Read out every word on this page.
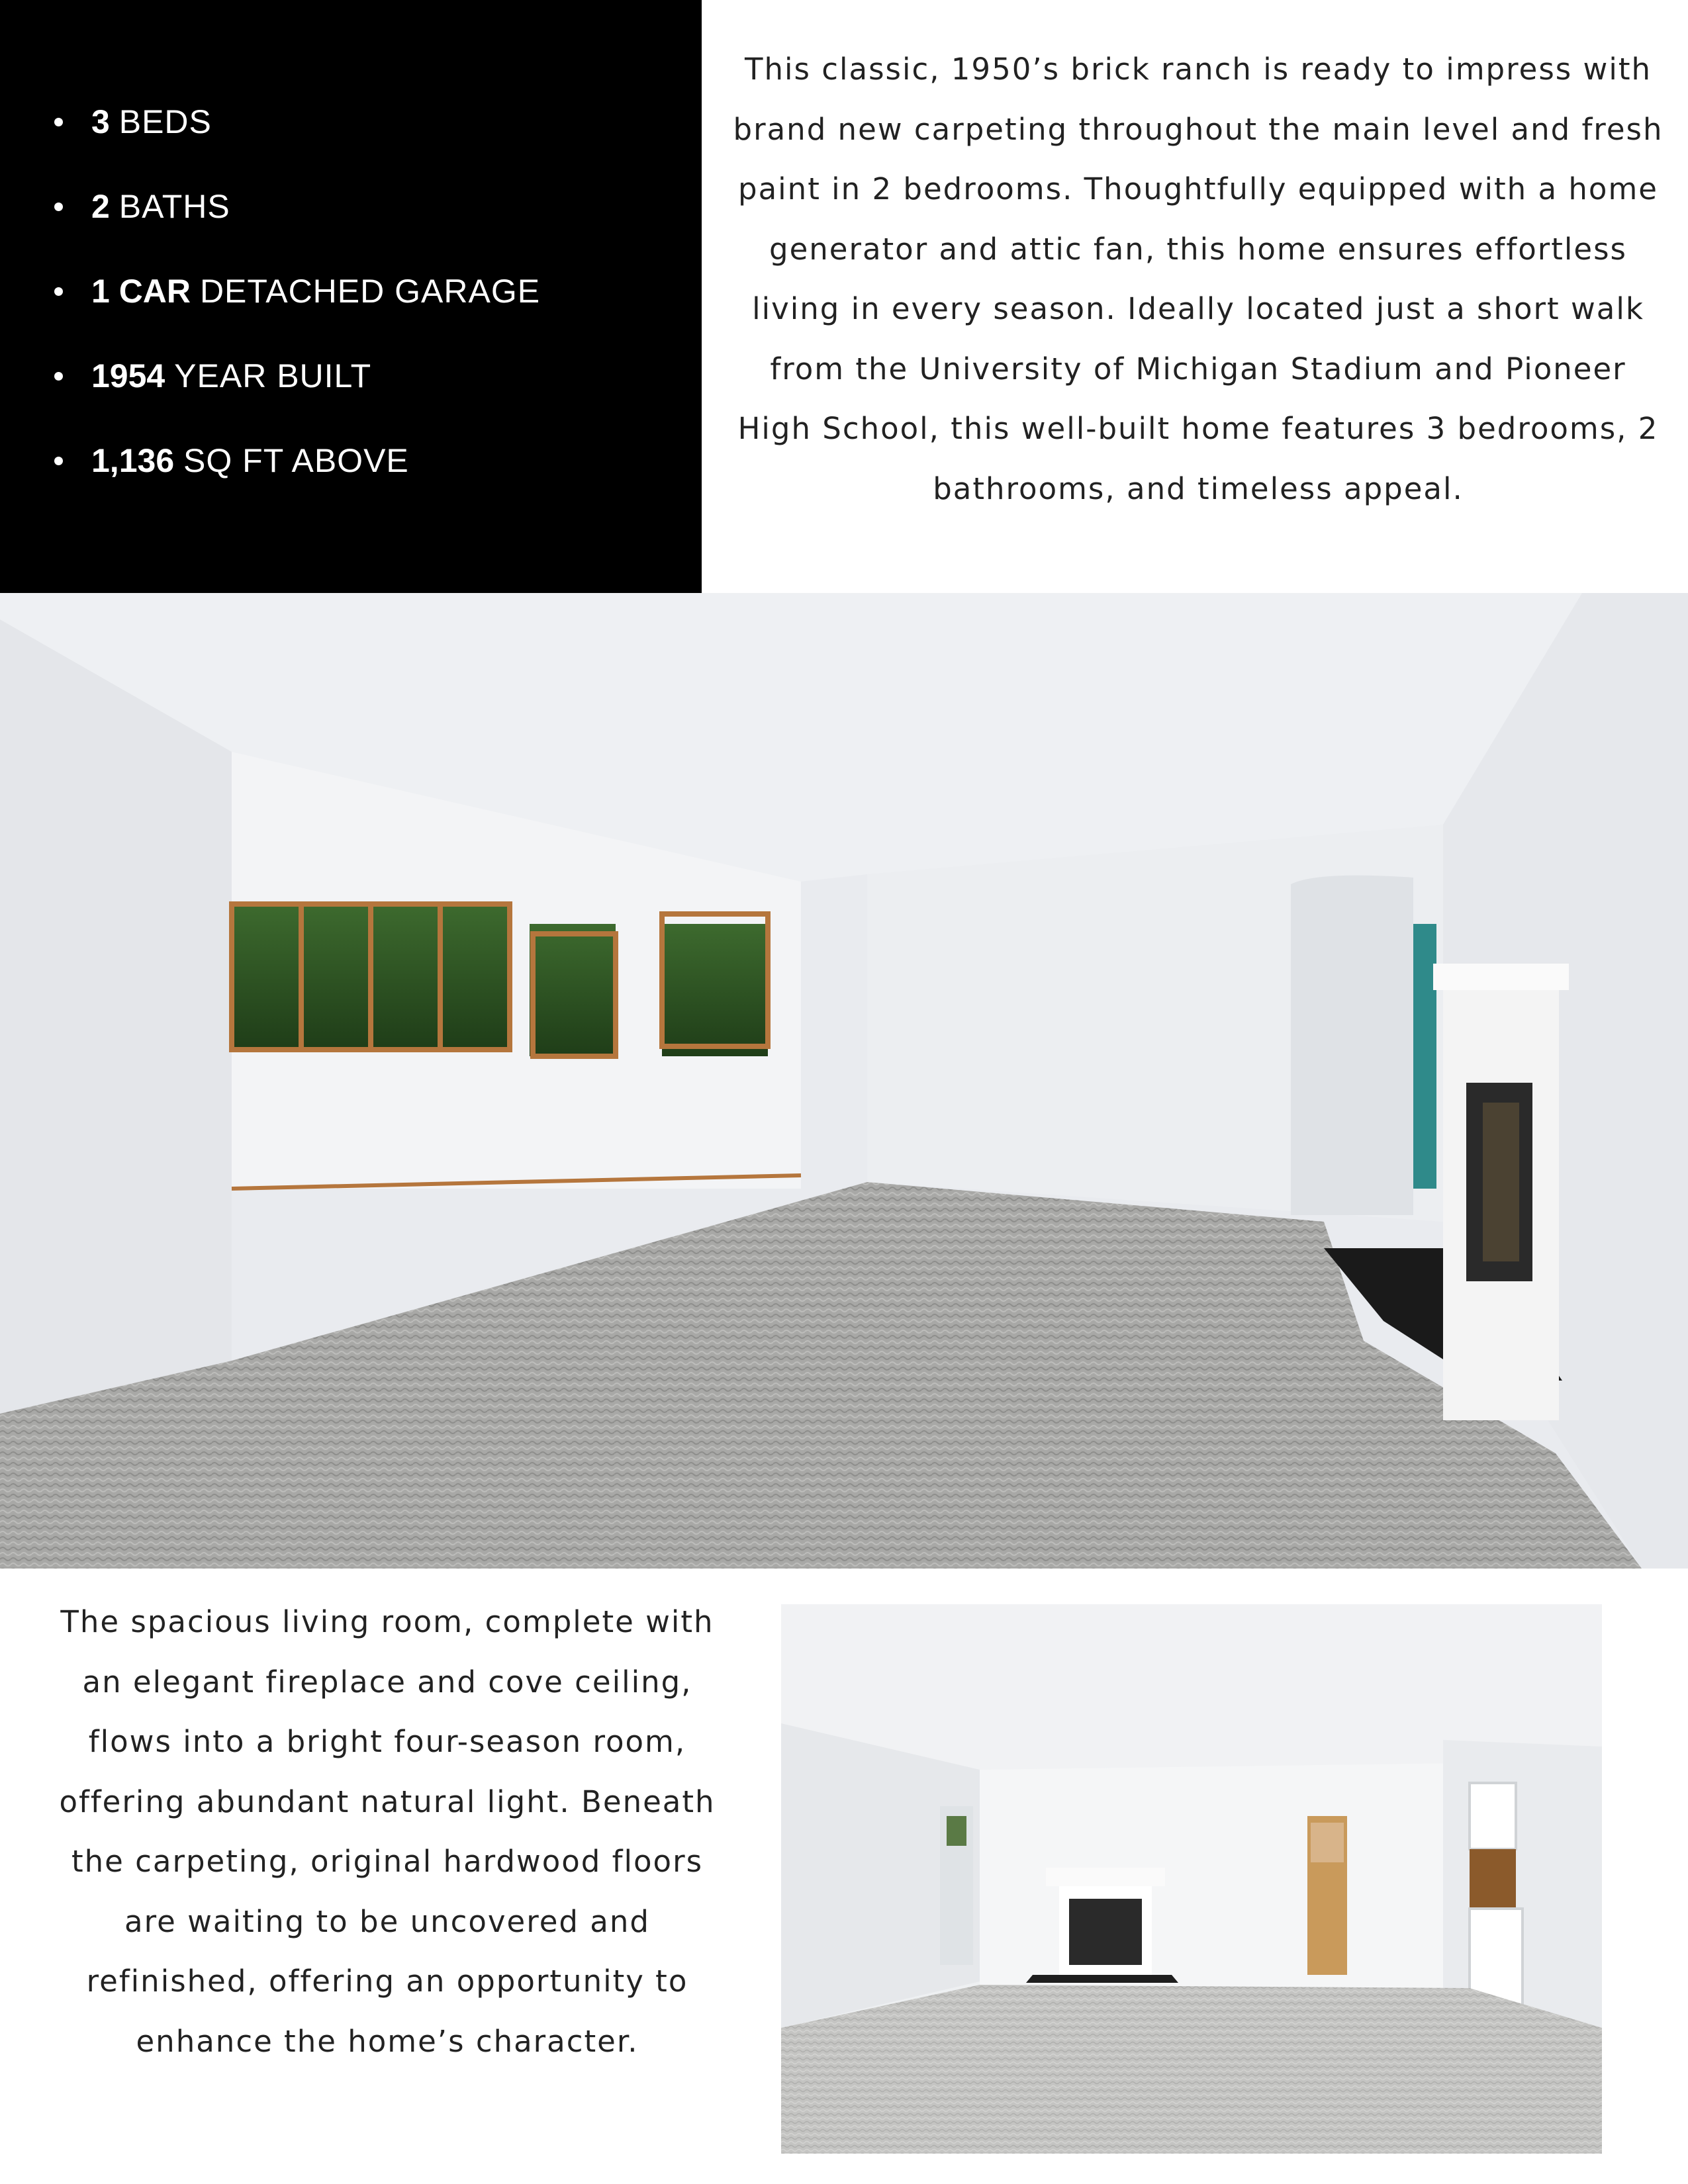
3 BEDS
2 BATHS
1 CAR DETACHED GARAGE
1954 YEAR BUILT
1,136 SQ FT ABOVE

This classic, 1950’s brick ranch is ready to impress with brand new carpeting throughout the main level and fresh paint in 2 bedrooms. Thoughtfully equipped with a home generator and attic fan, this home ensures effortless living in every season. Ideally located just a short walk from the University of Michigan Stadium and Pioneer High School, this well-built home features 3 bedrooms, 2 bathrooms, and timeless appeal.

The spacious living room, complete with an elegant fireplace and cove ceiling, flows into a bright four-season room, offering abundant natural light. Beneath the carpeting, original hardwood floors are waiting to be uncovered and refinished, offering an opportunity to enhance the home’s character.
